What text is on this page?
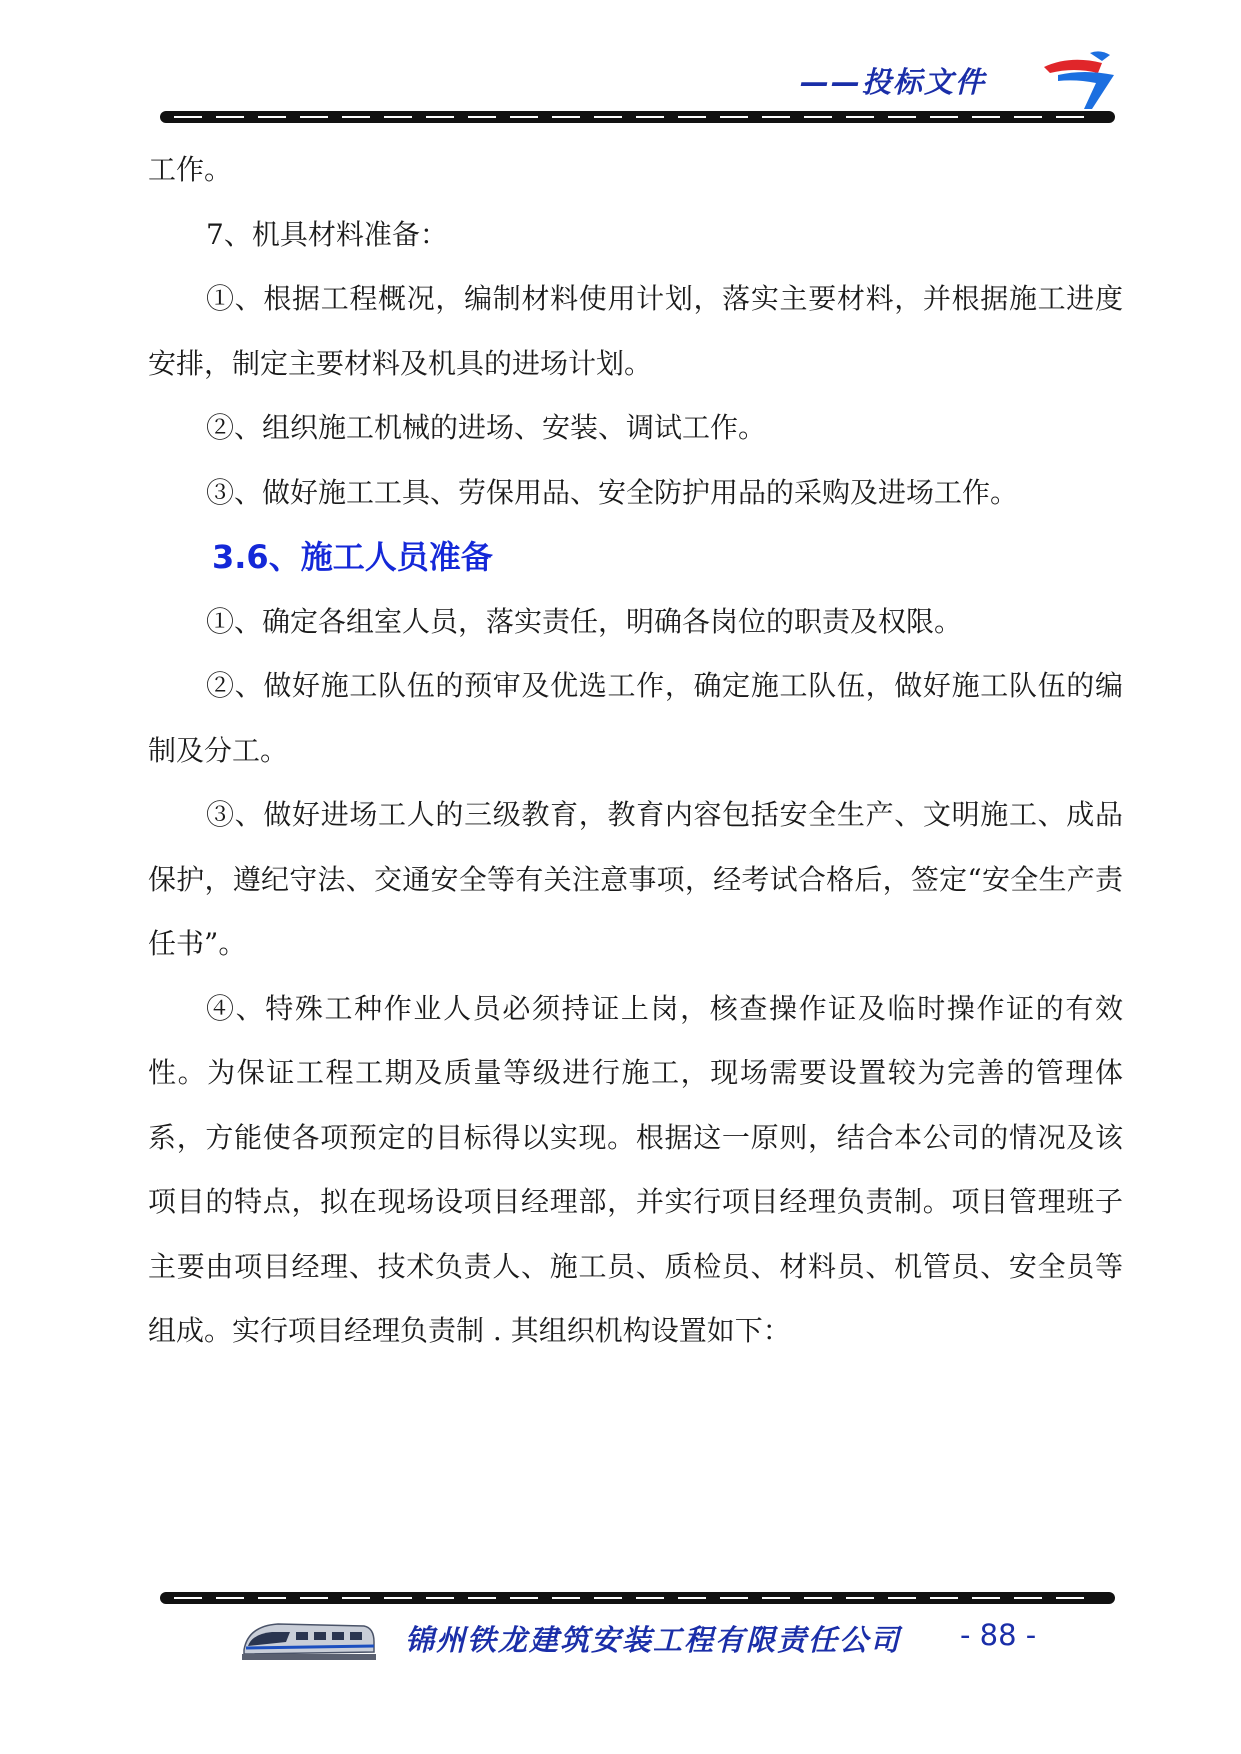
——投标文件

工作。

7、机具材料准备：

①、根据工程概况，编制材料使用计划，落实主要材料，并根据施工进度安排，制定主要材料及机具的进场计划。

②、组织施工机械的进场、安装、调试工作。

③、做好施工工具、劳保用品、安全防护用品的采购及进场工作。

3.6、施工人员准备

①、确定各组室人员，落实责任，明确各岗位的职责及权限。

②、做好施工队伍的预审及优选工作，确定施工队伍，做好施工队伍的编制及分工。

③、做好进场工人的三级教育，教育内容包括安全生产、文明施工、成品保护，遵纪守法、交通安全等有关注意事项，经考试合格后，签定“安全生产责任书”。

④、特殊工种作业人员必须持证上岗，核查操作证及临时操作证的有效性。为保证工程工期及质量等级进行施工，现场需要设置较为完善的管理体系，方能使各项预定的目标得以实现。根据这一原则，结合本公司的情况及该项目的特点，拟在现场设项目经理部，并实行项目经理负责制。项目管理班子主要由项目经理、技术负责人、施工员、质检员、材料员、机管员、安全员等组成。实行项目经理负责制 . 其组织机构设置如下：

锦州铁龙建筑安装工程有限责任公司 - 88 -
